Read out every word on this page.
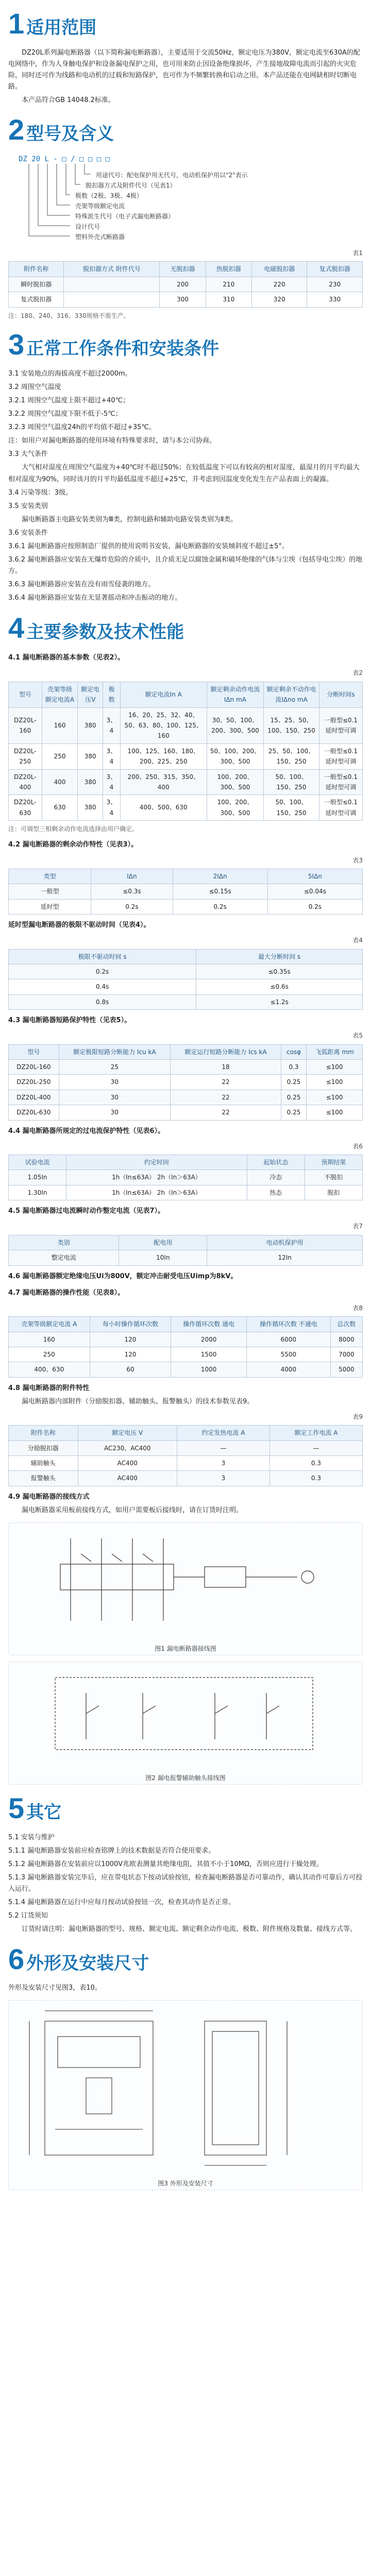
1 适用范围

DZ20L系列漏电断路器（以下简称漏电断路器），主要适用于交流50Hz，额定电压为380V，额定电流至630A的配电网络中，作为人身触电保护和设备漏电保护之用，也可用来防止因设备绝缘损坏，产生接地故障电流而引起的火灾危险，同时还可作为线路和电动机的过载和短路保护，也可作为不频繁转换和启动之用。本产品还能在电网缺相时切断电路。

本产品符合GB 14048.2标准。

2 型号及含义
DZ 20 L - □ / □ □ □ □
用途代号：配电保护用无代号，电动机保护用以"2"表示
脱扣器方式及附件代号（见表1）
极数（2极、3极、4极）
壳架等级额定电流
特殊派生代号（电子式漏电断路器）
设计代号
塑料外壳式断路器
表1
附件名称	脱扣器方式 附件代号	无脱扣器	热脱扣器	电磁脱扣器	复式脱扣器
瞬时脱扣器		200	210	220	230
复式脱扣器		300	310	320	330

注：180、240、316、330规格不需生产。

3 正常工作条件和安装条件

3.1 安装地点的海拔高度不超过2000m。

3.2 周围空气温度

3.2.1 周围空气温度上限不超过+40℃；

3.2.2 周围空气温度下限不低于-5℃；

3.2.3 周围空气温度24h的平均值不超过+35℃。

注：如用户对漏电断路器的使用环境有特殊要求时，请与本公司协商。

3.3 大气条件

大气相对湿度在周围空气温度为+40℃时不超过50%；在较低温度下可以有较高的相对湿度，最湿月的月平均最大相对湿度为90%，同时该月的月平均最低温度不超过+25℃，并考虑到因温度变化发生在产品表面上的凝露。

3.4 污染等级：3级。

3.5 安装类别

漏电断路器主电路安装类别为Ⅲ类，控制电路和辅助电路安装类别为Ⅱ类。

3.6 安装条件

3.6.1 漏电断路器应按照制造厂提供的使用说明书安装，漏电断路器的安装倾斜度不超过±5°。

3.6.2 漏电断路器应安装在无爆炸危险的介质中，且介质无足以腐蚀金属和破坏绝缘的气体与尘埃（包括导电尘埃）的地方。

3.6.3 漏电断路器应安装在没有雨雪侵袭的地方。

3.6.4 漏电断路器应安装在无显著摇动和冲击振动的地方。

4 主要参数及技术性能

4.1 漏电断路器的基本参数（见表2）。

表2
型号	壳架等级额定电流A	额定电压V	极数	额定电流In A	额定剩余动作电流IΔn mA	额定剩余不动作电流IΔno mA	分断时间s
DZ20L-160	160	380	3、4	16、20、25、32、40、50、63、80、100、125、160	30、50、100、200、300、500	15、25、50、100、150、250	一般型≤0.1 延时型可调
DZ20L-250	250	380	3、4	100、125、160、180、200、225、250	50、100、200、300、500	25、50、100、150、250	一般型≤0.1 延时型可调
DZ20L-400	400	380	3、4	200、250、315、350、400	100、200、300、500	50、100、150、250	一般型≤0.1 延时型可调
DZ20L-630	630	380	3、4	400、500、630	100、200、300、500	50、100、150、250	一般型≤0.1 延时型可调

注：可调型三相剩余动作电流选择由用户确定。

4.2 漏电断路器的剩余动作特性（见表3）。

表3
类型	IΔn	2IΔn	5IΔn
一般型	≤0.3s	≤0.15s	≤0.04s
延时型	0.2s	0.2s	0.2s

延时型漏电断路器的极限不驱动时间（见表4）。

表4
极限不驱动时间 s	最大分断时间 s
0.2s	≤0.35s
0.4s	≤0.6s
0.8s	≤1.2s

4.3 漏电断路器短路保护特性（见表5）。

表5
型号	额定极限短路分断能力 Icu kA	额定运行短路分断能力 Ics kA	cosφ	飞弧距离 mm
DZ20L-160	25	18	0.3	≤100
DZ20L-250	30	22	0.25	≤100
DZ20L-400	30	22	0.25	≤100
DZ20L-630	30	22	0.25	≤100

4.4 漏电断路器所规定的过电流保护特性（见表6）。

表6
试验电流	约定时间	起始状态	预期结果
1.05In	1h（In≤63A） 2h（In＞63A）	冷态	不脱扣
1.30In	1h（In≤63A） 2h（In＞63A）	热态	脱扣

4.5 漏电断路器过电流瞬时动作整定电流（见表7）。

表7
类别	配电用	电动机保护用
整定电流	10In	12In

4.6 漏电断路器额定绝缘电压Ui为800V，额定冲击耐受电压Uimp为8kV。

4.7 漏电断路器的操作性能（见表8）。

表8
壳架等级额定电流 A	每小时操作循环次数	操作循环次数 通电	操作循环次数 不通电	总次数
160	120	2000	6000	8000
250	120	1500	5500	7000
400、630	60	1000	4000	5000

4.8 漏电断路器的附件特性

漏电断路器内部附件（分励脱扣器、辅助触头、报警触头）的技术参数见表9。

表9
附件名称	额定电压 V	约定发热电流 A	额定工作电流 A
分励脱扣器	AC230、AC400	—	—
辅助触头	AC400	3	0.3
报警触头	AC400	3	0.3

4.9 漏电断路器的接线方式

漏电断路器采用板前接线方式，如用户需要板后接线时，请在订货时注明。

图1 漏电断路器接线图
图2 漏电报警辅助触头接线图
5 其它

5.1 安装与维护

5.1.1 漏电断路器安装前应检查铭牌上的技术数据是否符合使用要求。

5.1.2 漏电断路器在安装前应以1000V兆欧表测量其绝缘电阻，其值不小于10MΩ，否则应进行干燥处理。

5.1.3 漏电断路器安装完毕后，应在带电状态下按动试验按钮，检查漏电断路器是否可靠动作，确认其动作可靠后方可投入运行。

5.1.4 漏电断路器在运行中应每月按动试验按钮一次，检查其动作是否正常。

5.2 订货须知

订货时请注明：漏电断路器的型号、规格、额定电流、额定剩余动作电流、极数、附件规格及数量、接线方式等。

6 外形及安装尺寸

外形及安装尺寸见图3，表10。

图3 外形及安装尺寸
